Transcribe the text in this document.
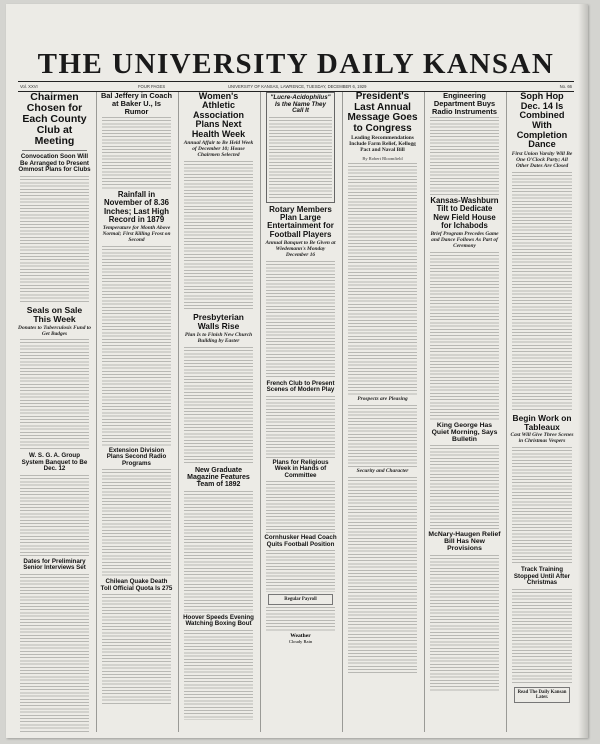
THE UNIVERSITY DAILY KANSAN
Vol. XXVI	FOUR PAGES	UNIVERSITY OF KANSAS, LAWRENCE, TUESDAY, DECEMBER 6, 1929	No. 66
Chairmen Chosen for Each County Club at Meeting
Convocation Soon Will Be Arranged to Present Ommost Plans for Clubs
Seals on Sale This Week
Donates to Tuberculosis Fund to Get Badges
W. S. G. A. Group System Banquet to Be Dec. 12
Dates for Preliminary Senior Interviews Set
Bal Jeffery in Coach at Baker U., Is Rumor
Rainfall in November of 8.36 Inches; Last High Record in 1879
Temperature for Month Above Normal; First Killing Frost on Second
Extension Division Plans Second Radio Programs
Chilean Quake Death Toll Official Quota Is 275
Women's Athletic Association Plans Next Health Week
Annual Affair to Be Held Week of December 10; House Chairmen Selected
Presbyterian Walls Rise
Plan Is to Finish New Church Building by Easter
New Graduate Magazine Features Team of 1892
Hoover Speeds Evening Watching Boxing Bout
"Lucre-Acidophilus" Is the Name They Call It
Rotary Members Plan Large Entertainment for Football Players
Annual Banquet to Be Given at Wiedemann's Monday December 16
French Club to Present Scenes of Modern Play
Plans for Religious Week in Hands of Committee
Cornhusker Head Coach Quits Football Position
Regular Payroll
Weather
Cloudy Rain
President's Last Annual Message Goes to Congress
Leading Recommendations Include Farm Relief, Kellogg Pact and Naval Bill
By Robert Bloomfield
Prospects are Pleasing
Security and Character
Engineering Department Buys Radio Instruments
Kansas-Washburn Tilt to Dedicate New Field House for Ichabods
Brief Program Precedes Game and Dance Follows As Part of Ceremony
King George Has Quiet Morning, Says Bulletin
McNary-Haugen Relief Bill Has New Provisions
Soph Hop Dec. 14 Is Combined With Completion Dance
First Union Varsity Will Be One O'Clock Party; All Other Dates Are Closed
Begin Work on Tableaux
Cast Will Give Three Scenes in Christmas Vespers
Track Training Stopped Until After Christmas
Read The Daily Kansan Later.
